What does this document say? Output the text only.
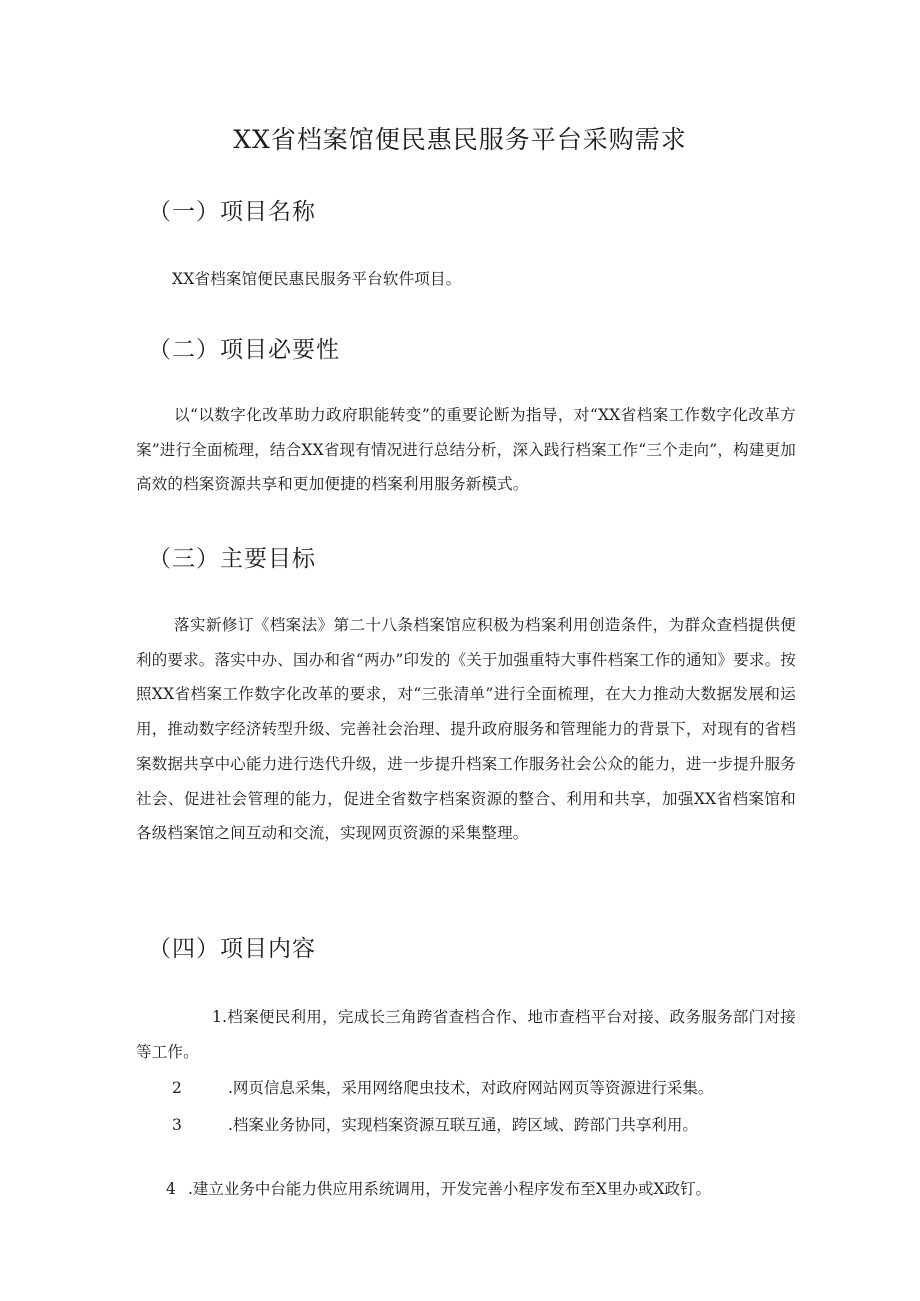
XX省档案馆便民惠民服务平台采购需求
（一）项目名称

XX省档案馆便民惠民服务平台软件项目。

（二）项目必要性

以“以数字化改革助力政府职能转变”的重要论断为指导，对“XX省档案工作数字化改革方案”进行全面梳理，结合XX省现有情况进行总结分析，深入践行档案工作“三个走向”，构建更加高效的档案资源共享和更加便捷的档案利用服务新模式。

（三）主要目标

落实新修订《档案法》第二十八条档案馆应积极为档案利用创造条件，为群众查档提供便利的要求。落实中办、国办和省“两办”印发的《关于加强重特大事件档案工作的通知》要求。按照XX省档案工作数字化改革的要求，对“三张清单”进行全面梳理，在大力推动大数据发展和运用，推动数字经济转型升级、完善社会治理、提升政府服务和管理能力的背景下，对现有的省档案数据共享中心能力进行迭代升级，进一步提升档案工作服务社会公众的能力，进一步提升服务社会、促进社会管理的能力，促进全省数字档案资源的整合、利用和共享，加强XX省档案馆和各级档案馆之间互动和交流，实现网页资源的采集整理。

（四）项目内容
1.档案便民利用，完成长三角跨省查档合作、地市查档平台对接、政务服务部门对接等工作。
2	.网页信息采集，采用网络爬虫技术，对政府网站网页等资源进行采集。
3	.档案业务协同，实现档案资源互联互通，跨区域、跨部门共享利用。
4 .建立业务中台能力供应用系统调用，开发完善小程序发布至X里办或X政钉。
